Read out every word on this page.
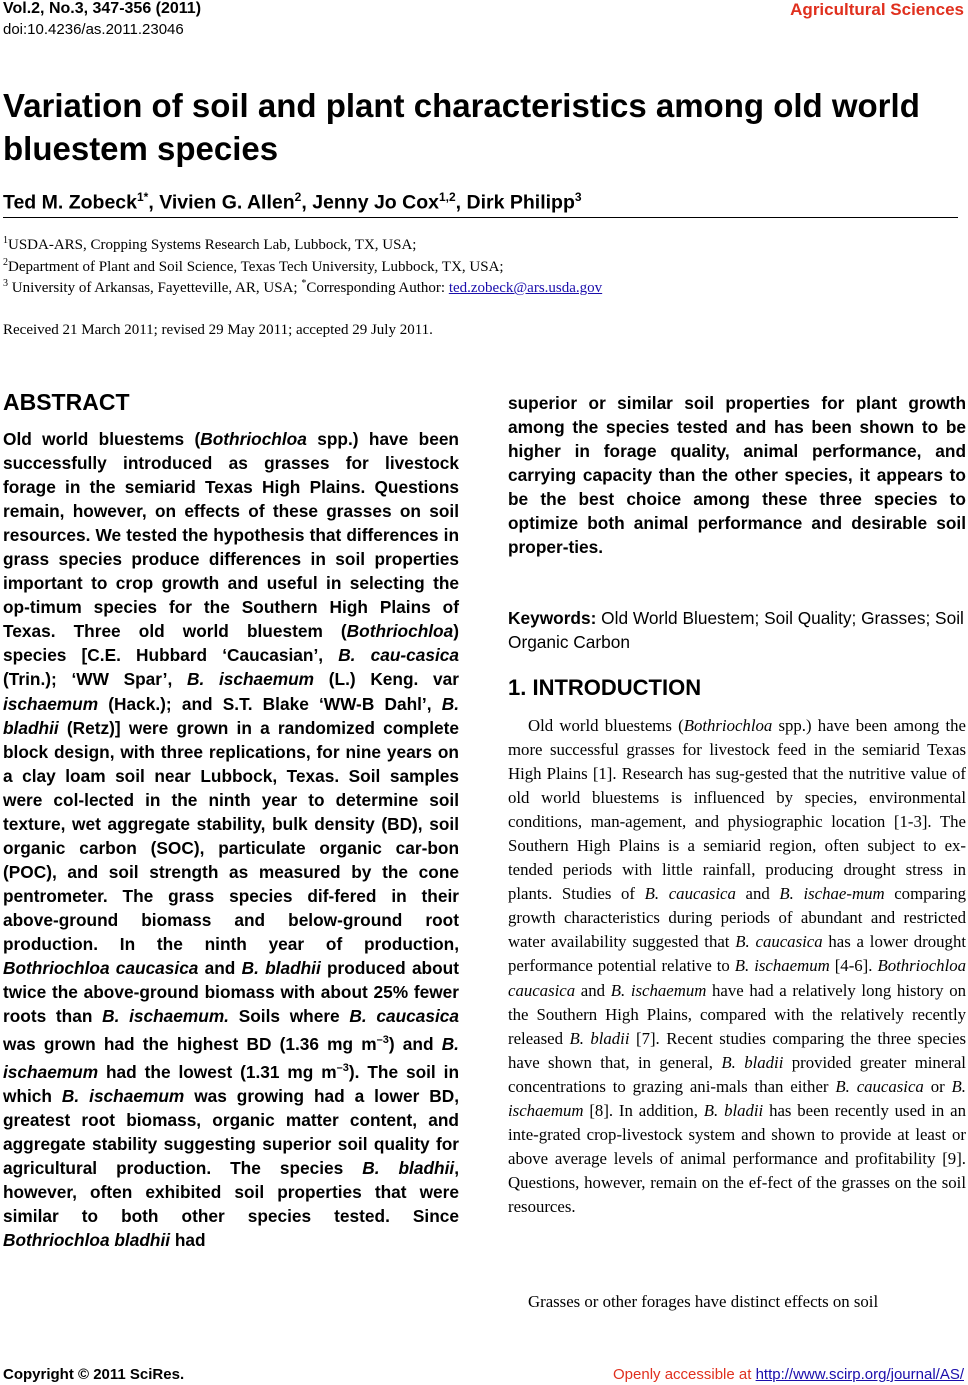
Vol.2, No.3, 347-356 (2011)
doi:10.4236/as.2011.23046
Agricultural Sciences
Variation of soil and plant characteristics among old world bluestem species
Ted M. Zobeck$^{1*}$, Vivien G. Allen$^2$, Jenny Jo Cox$^{1,2}$, Dirk Philipp$^3$
$^1$USDA-ARS, Cropping Systems Research Lab, Lubbock, TX, USA;
$^2$Department of Plant and Soil Science, Texas Tech University, Lubbock, TX, USA;
$^3$ University of Arkansas, Fayetteville, AR, USA; *Corresponding Author: ted.zobeck@ars.usda.gov
Received 21 March 2011; revised 29 May 2011; accepted 29 July 2011.
ABSTRACT

Old world bluestems (Bothriochloa spp.) have been successfully introduced as grasses for livestock forage in the semiarid Texas High Plains. Questions remain, however, on effects of these grasses on soil resources. We tested the hypothesis that differences in grass species produce differences in soil properties important to crop growth and useful in selecting the op-timum species for the Southern High Plains of Texas. Three old world bluestem (Bothriochloa) species [C.E. Hubbard ‘Caucasian’, B. cau-casica (Trin.); ‘WW Spar’, B. ischaemum (L.) Keng. var ischaemum (Hack.); and S.T. Blake ‘WW-B Dahl’, B. bladhii (Retz)] were grown in a randomized complete block design, with three replications, for nine years on a clay loam soil near Lubbock, Texas. Soil samples were col-lected in the ninth year to determine soil texture, wet aggregate stability, bulk density (BD), soil organic carbon (SOC), particulate organic car-bon (POC), and soil strength as measured by the cone pentrometer. The grass species dif-fered in their above-ground biomass and below-ground root production. In the ninth year of production, Bothriochloa caucasica and B. bladhii produced about twice the above-ground biomass with about 25% fewer roots than B. ischaemum. Soils where B. caucasica was grown had the highest BD (1.36 mg $m^{-3}$) and B. ischaemum had the lowest (1.31 mg $m^{-3}$). The soil in which B. ischaemum was growing had a lower BD, greatest root biomass, organic matter content, and aggregate stability suggesting superior soil quality for agricultural production. The species B. bladhii, however, often exhibited soil properties that were similar to both other species tested. Since Bothriochloa bladhii had

superior or similar soil properties for plant growth among the species tested and has been shown to be higher in forage quality, animal performance, and carrying capacity than the other species, it appears to be the best choice among these three species to optimize both animal performance and desirable soil proper-ties.

Keywords: Old World Bluestem; Soil Quality; Grasses; Soil Organic Carbon

1. INTRODUCTION

Old world bluestems (Bothriochloa spp.) have been among the more successful grasses for livestock feed in the semiarid Texas High Plains [1]. Research has sug-gested that the nutritive value of old world bluestems is influenced by species, environmental conditions, man-agement, and physiographic location [1-3]. The Southern High Plains is a semiarid region, often subject to ex-tended periods with little rainfall, producing drought stress in plants. Studies of B. caucasica and B. ischae-mum comparing growth characteristics during periods of abundant and restricted water availability suggested that B. caucasica has a lower drought performance potential relative to B. ischaemum [4-6]. Bothriochloa caucasica and B. ischaemum have had a relatively long history on the Southern High Plains, compared with the relatively recently released B. bladii [7]. Recent studies comparing the three species have shown that, in general, B. bladii provided greater mineral concentrations to grazing ani-mals than either B. caucasica or B. ischaemum [8]. In addition, B. bladii has been recently used in an inte-grated crop-livestock system and shown to provide at least or above average levels of animal performance and profitability [9]. Questions, however, remain on the ef-fect of the grasses on the soil resources.

Grasses or other forages have distinct effects on soil

Copyright © 2011 SciRes.	Openly accessible at http://www.scirp.org/journal/AS/
